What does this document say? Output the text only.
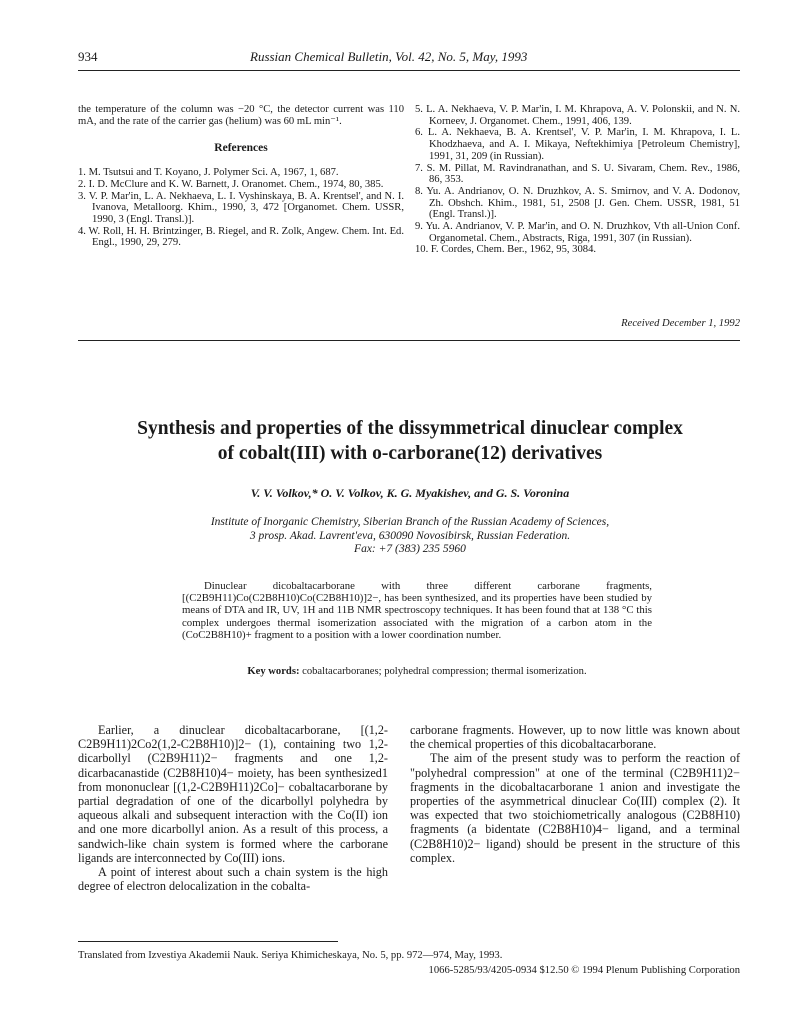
934	Russian Chemical Bulletin, Vol. 42, No. 5, May, 1993

the temperature of the column was −20 °C, the detector current was 110 mA, and the rate of the carrier gas (helium) was 60 mL min⁻¹.

References

1. M. Tsutsui and T. Koyano, J. Polymer Sci. A, 1967, 1, 687.

2. I. D. McClure and K. W. Barnett, J. Oranomet. Chem., 1974, 80, 385.

3. V. P. Mar'in, L. A. Nekhaeva, L. I. Vyshinskaya, B. A. Krentsel', and N. I. Ivanova, Metalloorg. Khim., 1990, 3, 472 [Organomet. Chem. USSR, 1990, 3 (Engl. Transl.)].

4. W. Roll, H. H. Brintzinger, B. Riegel, and R. Zolk, Angew. Chem. Int. Ed. Engl., 1990, 29, 279.

5. L. A. Nekhaeva, V. P. Mar'in, I. M. Khrapova, A. V. Polonskii, and N. N. Korneev, J. Organomet. Chem., 1991, 406, 139.

6. L. A. Nekhaeva, B. A. Krentsel', V. P. Mar'in, I. M. Khrapova, I. L. Khodzhaeva, and A. I. Mikaya, Neftekhimiya [Petroleum Chemistry], 1991, 31, 209 (in Russian).

7. S. M. Pillat, M. Ravindranathan, and S. U. Sivaram, Chem. Rev., 1986, 86, 353.

8. Yu. A. Andrianov, O. N. Druzhkov, A. S. Smirnov, and V. A. Dodonov, Zh. Obshch. Khim., 1981, 51, 2508 [J. Gen. Chem. USSR, 1981, 51 (Engl. Transl.)].

9. Yu. A. Andrianov, V. P. Mar'in, and O. N. Druzhkov, Vth all-Union Conf. Organometal. Chem., Abstracts, Riga, 1991, 307 (in Russian).

10. F. Cordes, Chem. Ber., 1962, 95, 3084.

Received December 1, 1992
Synthesis and properties of the dissymmetrical dinuclear complex
of cobalt(III) with o-carborane(12) derivatives
V. V. Volkov,* O. V. Volkov, K. G. Myakishev, and G. S. Voronina
Institute of Inorganic Chemistry, Siberian Branch of the Russian Academy of Sciences,
3 prosp. Akad. Lavrent'eva, 630090 Novosibirsk, Russian Federation.
Fax: +7 (383) 235 5960

Dinuclear dicobaltacarborane with three different carborane fragments, [(C2B9H11)Co(C2B8H10)Co(C2B8H10)]2−, has been synthesized, and its properties have been studied by means of DTA and IR, UV, 1H and 11B NMR spectroscopy techniques. It has been found that at 138 °C this complex undergoes thermal isomerization associated with the migration of a carbon atom in the (CoC2B8H10)+ fragment to a position with a lower coordination number.

Key words: cobaltacarboranes; polyhedral compression; thermal isomerization.

Earlier, a dinuclear dicobaltacarborane, [(1,2-C2B9H11)2Co2(1,2-C2B8H10)]2− (1), containing two 1,2-dicarbollyl (C2B9H11)2− fragments and one 1,2-dicarbacanastide (C2B8H10)4− moiety, has been synthesized1 from mononuclear [(1,2-C2B9H11)2Co]− cobaltacarborane by partial degradation of one of the dicarbollyl polyhedra by aqueous alkali and subsequent interaction with the Co(II) ion and one more dicarbollyl anion. As a result of this process, a sandwich-like chain system is formed where the carborane ligands are interconnected by Co(III) ions.

A point of interest about such a chain system is the high degree of electron delocalization in the cobalta-

carborane fragments. However, up to now little was known about the chemical properties of this dicobaltacarborane.

The aim of the present study was to perform the reaction of "polyhedral compression" at one of the terminal (C2B9H11)2− fragments in the dicobaltacarborane 1 anion and investigate the properties of the asymmetrical dinuclear Co(III) complex (2). It was expected that two stoichiometrically analogous (C2B8H10) fragments (a bidentate (C2B8H10)4− ligand, and a terminal (C2B8H10)2− ligand) should be present in the structure of this complex.

Translated from Izvestiya Akademii Nauk. Seriya Khimicheskaya, No. 5, pp. 972—974, May, 1993.
1066-5285/93/4205-0934 $12.50 © 1994 Plenum Publishing Corporation
